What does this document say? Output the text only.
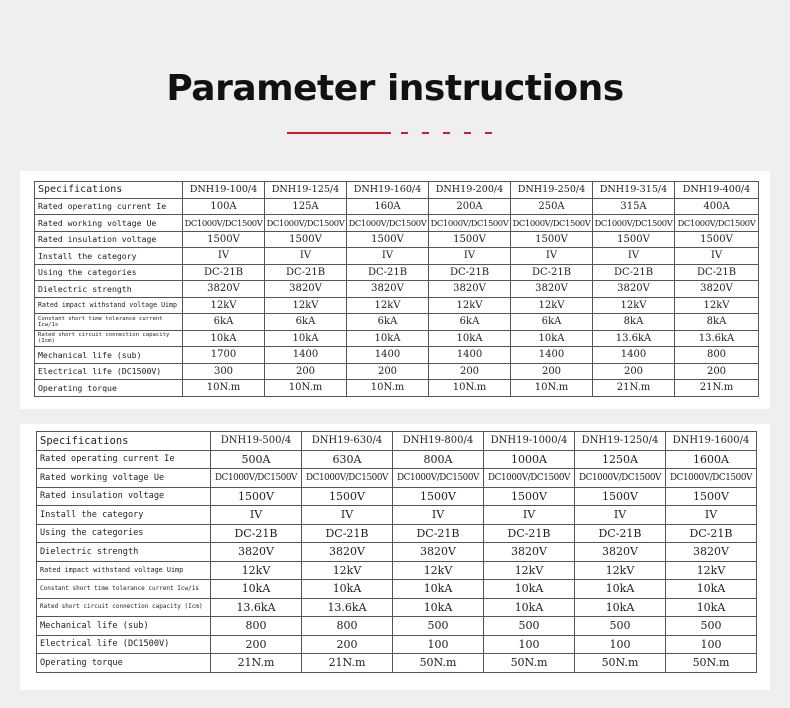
Parameter instructions
Specifications	DNH19-100/4	DNH19-125/4	DNH19-160/4	DNH19-200/4	DNH19-250/4	DNH19-315/4	DNH19-400/4
Rated operating current Ie	100A	125A	160A	200A	250A	315A	400A
Rated working voltage Ue	DC1000V/DC1500V	DC1000V/DC1500V	DC1000V/DC1500V	DC1000V/DC1500V	DC1000V/DC1500V	DC1000V/DC1500V	DC1000V/DC1500V
Rated insulation voltage	1500V	1500V	1500V	1500V	1500V	1500V	1500V
Install the category	IV	IV	IV	IV	IV	IV	IV
Using the categories	DC-21B	DC-21B	DC-21B	DC-21B	DC-21B	DC-21B	DC-21B
Dielectric strength	3820V	3820V	3820V	3820V	3820V	3820V	3820V
Rated impact withstand voltage Uimp	12kV	12kV	12kV	12kV	12kV	12kV	12kV
Constant short time tolerance current Icw/1s	6kA	6kA	6kA	6kA	6kA	8kA	8kA
Rated short circuit connection capacity (Icm)	10kA	10kA	10kA	10kA	10kA	13.6kA	13.6kA
Mechanical life (sub)	1700	1400	1400	1400	1400	1400	800
Electrical life (DC1500V)	300	200	200	200	200	200	200
Operating torque	10N.m	10N.m	10N.m	10N.m	10N.m	21N.m	21N.m
Specifications	DNH19-500/4	DNH19-630/4	DNH19-800/4	DNH19-1000/4	DNH19-1250/4	DNH19-1600/4
Rated operating current Ie	500A	630A	800A	1000A	1250A	1600A
Rated working voltage Ue	DC1000V/DC1500V	DC1000V/DC1500V	DC1000V/DC1500V	DC1000V/DC1500V	DC1000V/DC1500V	DC1000V/DC1500V
Rated insulation voltage	1500V	1500V	1500V	1500V	1500V	1500V
Install the category	IV	IV	IV	IV	IV	IV
Using the categories	DC-21B	DC-21B	DC-21B	DC-21B	DC-21B	DC-21B
Dielectric strength	3820V	3820V	3820V	3820V	3820V	3820V
Rated impact withstand voltage Uimp	12kV	12kV	12kV	12kV	12kV	12kV
Constant short time tolerance current Icw/1s	10kA	10kA	10kA	10kA	10kA	10kA
Rated short circuit connection capacity (Icm)	13.6kA	13.6kA	10kA	10kA	10kA	10kA
Mechanical life (sub)	800	800	500	500	500	500
Electrical life (DC1500V)	200	200	100	100	100	100
Operating torque	21N.m	21N.m	50N.m	50N.m	50N.m	50N.m
